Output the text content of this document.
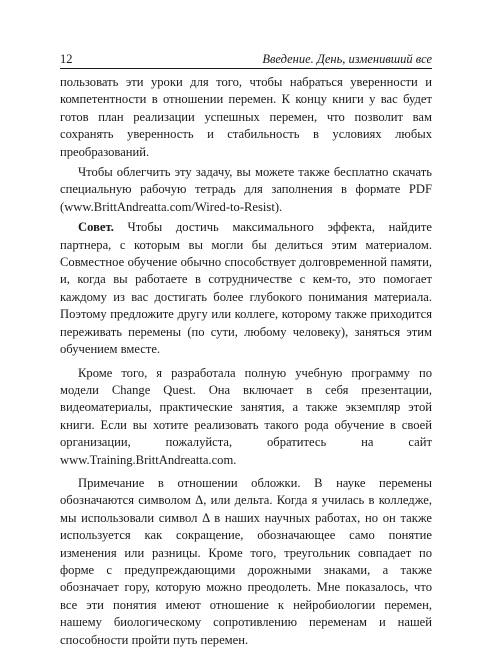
12	Введение. День, изменивший все

пользовать эти уроки для того, чтобы набраться уверенности и компетентности в отношении перемен. К концу книги у вас будет готов план реализации успешных перемен, что позволит вам сохранять уверенность и стабильность в условиях любых преобразований.

Чтобы облегчить эту задачу, вы можете также бесплатно скачать специальную рабочую тетрадь для заполнения в формате PDF (www.BrittAndreatta.com/Wired-to-Resist).

Совет. Чтобы достичь максимального эффекта, найдите партнера, с которым вы могли бы делиться этим материалом. Совместное обучение обычно способствует долговременной памяти, и, когда вы работаете в сотрудничестве с кем-то, это помогает каждому из вас достигать более глубокого понимания материала. Поэтому предложите другу или коллеге, которому также приходится переживать перемены (по сути, любому человеку), заняться этим обучением вместе.

Кроме того, я разработала полную учебную программу по модели Change Quest. Она включает в себя презентации, видеоматериалы, практические занятия, а также экземпляр этой книги. Если вы хотите реализовать такого рода обучение в своей организации, пожалуйста, обратитесь на сайт www.Training.BrittAndreatta.com.

Примечание в отношении обложки. В науке перемены обозначаются символом Δ, или дельта. Когда я училась в колледже, мы использовали символ Δ в наших научных работах, но он также используется как сокращение, обозначающее само понятие изменения или разницы. Кроме того, треугольник совпадает по форме с предупреждающими дорожными знаками, а также обозначает гору, которую можно преодолеть. Мне показалось, что все эти понятия имеют отношение к нейробиологии перемен, нашему биологическому сопротивлению переменам и нашей способности пройти путь перемен.
